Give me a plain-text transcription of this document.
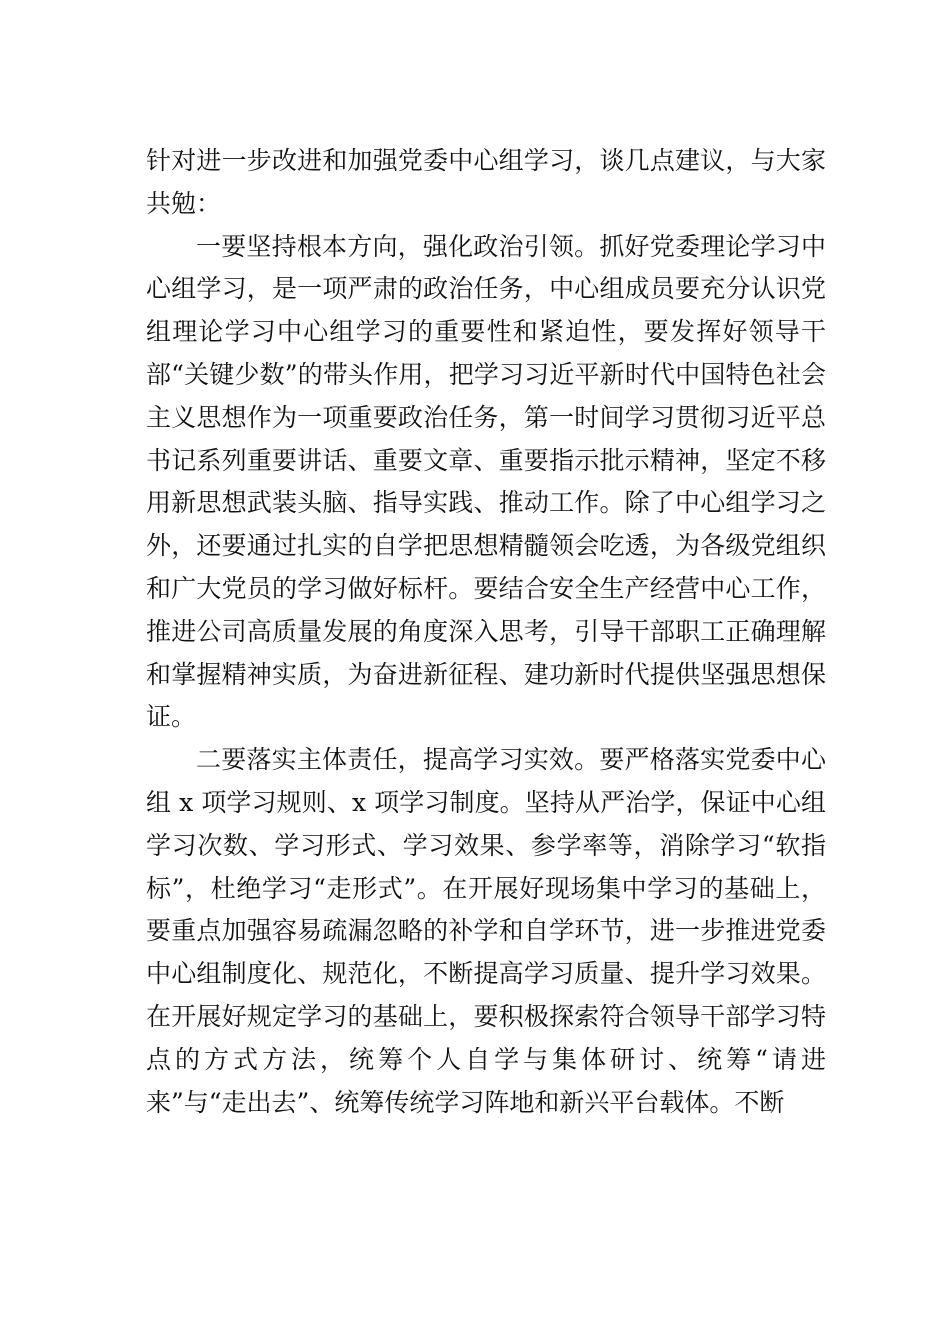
针对进一步改进和加强党委中心组学习，谈几点建议，与大家共勉：

一要坚持根本方向，强化政治引领。抓好党委理论学习中心组学习，是一项严肃的政治任务，中心组成员要充分认识党组理论学习中心组学习的重要性和紧迫性，要发挥好领导干部“关键少数”的带头作用，把学习习近平新时代中国特色社会主义思想作为一项重要政治任务，第一时间学习贯彻习近平总书记系列重要讲话、重要文章、重要指示批示精神，坚定不移用新思想武装头脑、指导实践、推动工作。除了中心组学习之外，还要通过扎实的自学把思想精髓领会吃透，为各级党组织和广大党员的学习做好标杆。要结合安全生产经营中心工作，推进公司高质量发展的角度深入思考，引导干部职工正确理解和掌握精神实质，为奋进新征程、建功新时代提供坚强思想保证。

二要落实主体责任，提高学习实效。要严格落实党委中心组 x 项学习规则、x 项学习制度。坚持从严治学，保证中心组学习次数、学习形式、学习效果、参学率等，消除学习“软指标”，杜绝学习“走形式”。在开展好现场集中学习的基础上，要重点加强容易疏漏忽略的补学和自学环节，进一步推进党委中心组制度化、规范化，不断提高学习质量、提升学习效果。在开展好规定学习的基础上，要积极探索符合领导干部学习特点的方式方法，统筹个人自学与集体研讨、统筹“请进来”与“走出去”、统筹传统学习阵地和新兴平台载体。不断
